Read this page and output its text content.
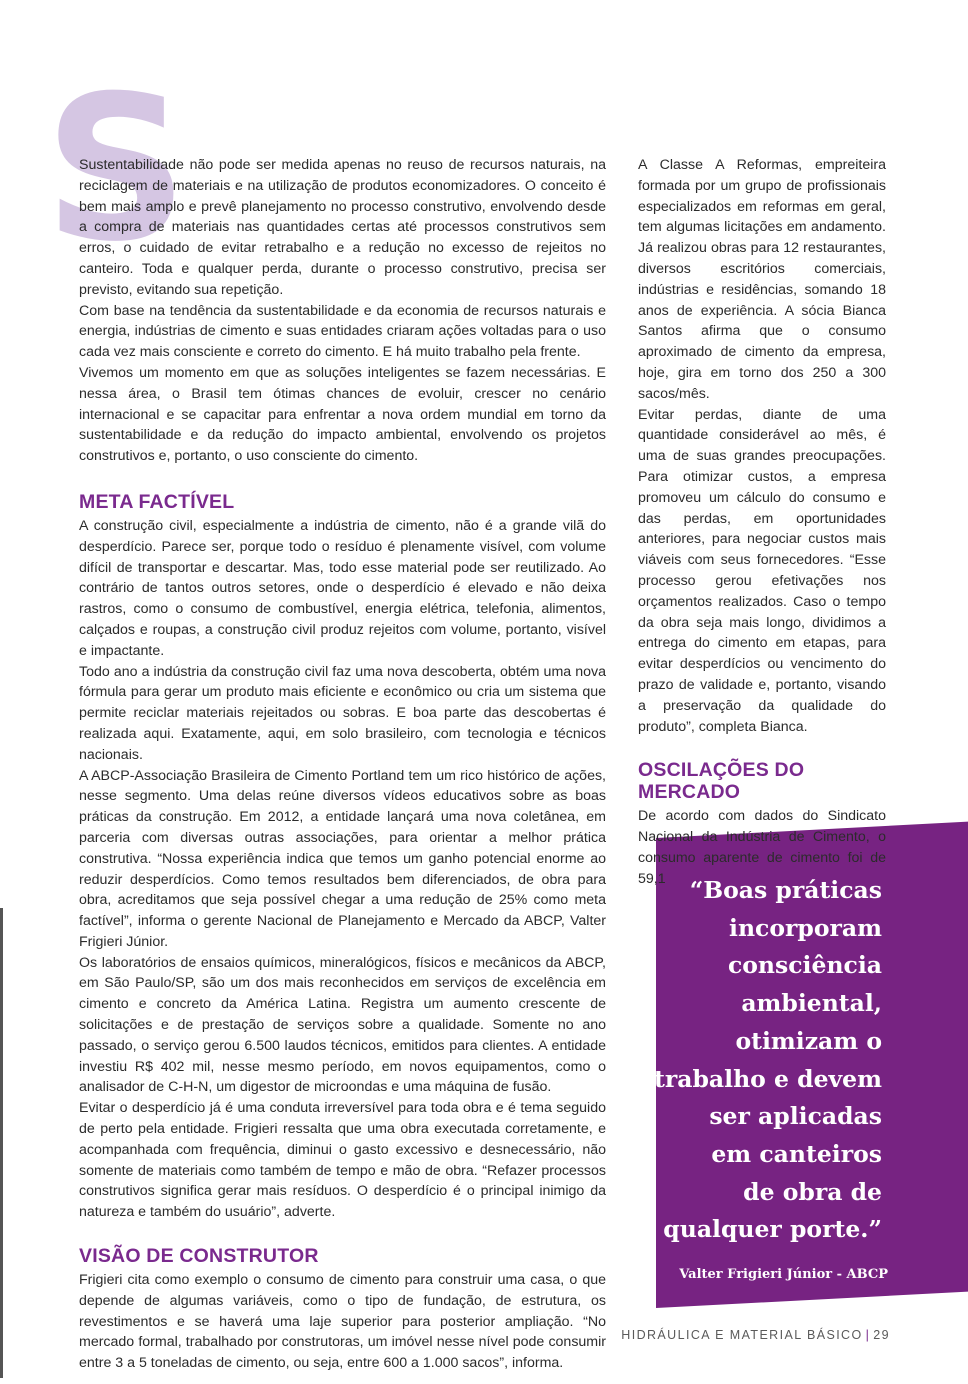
S

Sustentabilidade não pode ser medida apenas no reuso de recursos naturais, na reciclagem de materiais e na utilização de produtos economizadores. O conceito é bem mais amplo e prevê planejamento no processo construtivo, envolvendo desde a compra de materiais nas quantidades certas até processos construtivos sem erros, o cuidado de evitar retrabalho e a redução no excesso de rejeitos no canteiro. Toda e qualquer perda, durante o processo construtivo, precisa ser previsto, evitando sua repetição.

Com base na tendência da sustentabilidade e da economia de recursos naturais e energia, indústrias de cimento e suas entidades criaram ações voltadas para o uso cada vez mais consciente e correto do cimento. E há muito trabalho pela frente.

Vivemos um momento em que as soluções inteligentes se fazem necessárias. E nessa área, o Brasil tem ótimas chances de evoluir, crescer no cenário internacional e se capacitar para enfrentar a nova ordem mundial em torno da sustentabilidade e da redução do impacto ambiental, envolvendo os projetos construtivos e, portanto, o uso consciente do cimento.

META FACTÍVEL

A construção civil, especialmente a indústria de cimento, não é a grande vilã do desperdício. Parece ser, porque todo o resíduo é plenamente visível, com volume difícil de transportar e descartar. Mas, todo esse material pode ser reutilizado. Ao contrário de tantos outros setores, onde o desperdício é elevado e não deixa rastros, como o consumo de combustível, energia elétrica, telefonia, alimentos, calçados e roupas, a construção civil produz rejeitos com volume, portanto, visível e impactante.

Todo ano a indústria da construção civil faz uma nova descoberta, obtém uma nova fórmula para gerar um produto mais eficiente e econômico ou cria um sistema que permite reciclar materiais rejeitados ou sobras. E boa parte das descobertas é realizada aqui. Exatamente, aqui, em solo brasileiro, com tecnologia e técnicos nacionais.

A ABCP-Associação Brasileira de Cimento Portland tem um rico histórico de ações, nesse segmento. Uma delas reúne diversos vídeos educativos sobre as boas práticas da construção. Em 2012, a entidade lançará uma nova coletânea, em parceria com diversas outras associações, para orientar a melhor prática construtiva. “Nossa experiência indica que temos um ganho potencial enorme ao reduzir desperdícios. Como temos resultados bem diferenciados, de obra para obra, acreditamos que seja possível chegar a uma redução de 25% como meta factível”, informa o gerente Nacional de Planejamento e Mercado da ABCP, Valter Frigieri Júnior.

Os laboratórios de ensaios químicos, mineralógicos, físicos e mecânicos da ABCP, em São Paulo/SP, são um dos mais reconhecidos em serviços de excelência em cimento e concreto da América Latina. Registra um aumento crescente de solicitações e de prestação de serviços sobre a qualidade. Somente no ano passado, o serviço gerou 6.500 laudos técnicos, emitidos para clientes. A entidade investiu R$ 402 mil, nesse mesmo período, em novos equipamentos, como o analisador de C-H-N, um digestor de microondas e uma máquina de fusão.

Evitar o desperdício já é uma conduta irreversível para toda obra e é tema seguido de perto pela entidade. Frigieri ressalta que uma obra executada corretamente, e acompanhada com frequência, diminui o gasto excessivo e desnecessário, não somente de materiais como também de tempo e mão de obra. “Refazer processos construtivos significa gerar mais resíduos. O desperdício é o principal inimigo da natureza e também do usuário”, adverte.

VISÃO DE CONSTRUTOR

Frigieri cita como exemplo o consumo de cimento para construir uma casa, o que depende de algumas variáveis, como o tipo de fundação, de estrutura, os revestimentos e se haverá uma laje superior para posterior ampliação. “No mercado formal, trabalhado por construtoras, um imóvel nesse nível pode consumir entre 3 a 5 toneladas de cimento, ou seja, entre 600 a 1.000 sacos”, informa.

A Classe A Reformas, empreiteira formada por um grupo de profissionais especializados em reformas em geral, tem algumas licitações em andamento. Já realizou obras para 12 restaurantes, diversos escritórios comerciais, indústrias e residências, somando 18 anos de experiência. A sócia Bianca Santos afirma que o consumo aproximado de cimento da empresa, hoje, gira em torno dos 250 a 300 sacos/mês.

Evitar perdas, diante de uma quantidade considerável ao mês, é uma de suas grandes preocupações. Para otimizar custos, a empresa promoveu um cálculo do consumo e das perdas, em oportunidades anteriores, para negociar custos mais viáveis com seus fornecedores. “Esse processo gerou efetivações nos orçamentos realizados. Caso o tempo da obra seja mais longo, dividimos a entrega do cimento em etapas, para evitar desperdícios ou vencimento do prazo de validade e, portanto, visando a preservação da qualidade do produto”, completa Bianca.

OSCILAÇÕES DO
MERCADO

De acordo com dados do Sindicato Nacional da Indústria de Cimento, o consumo aparente de cimento foi de 59,1	“Boas práticas
incorporam
consciência
ambiental,
otimizam o
trabalho e devem
ser aplicadas
em canteiros
de obra de
qualquer porte.”
Valter Frigieri Júnior - ABCP
HIDRÁULICA E MATERIAL BÁSICO | 29
